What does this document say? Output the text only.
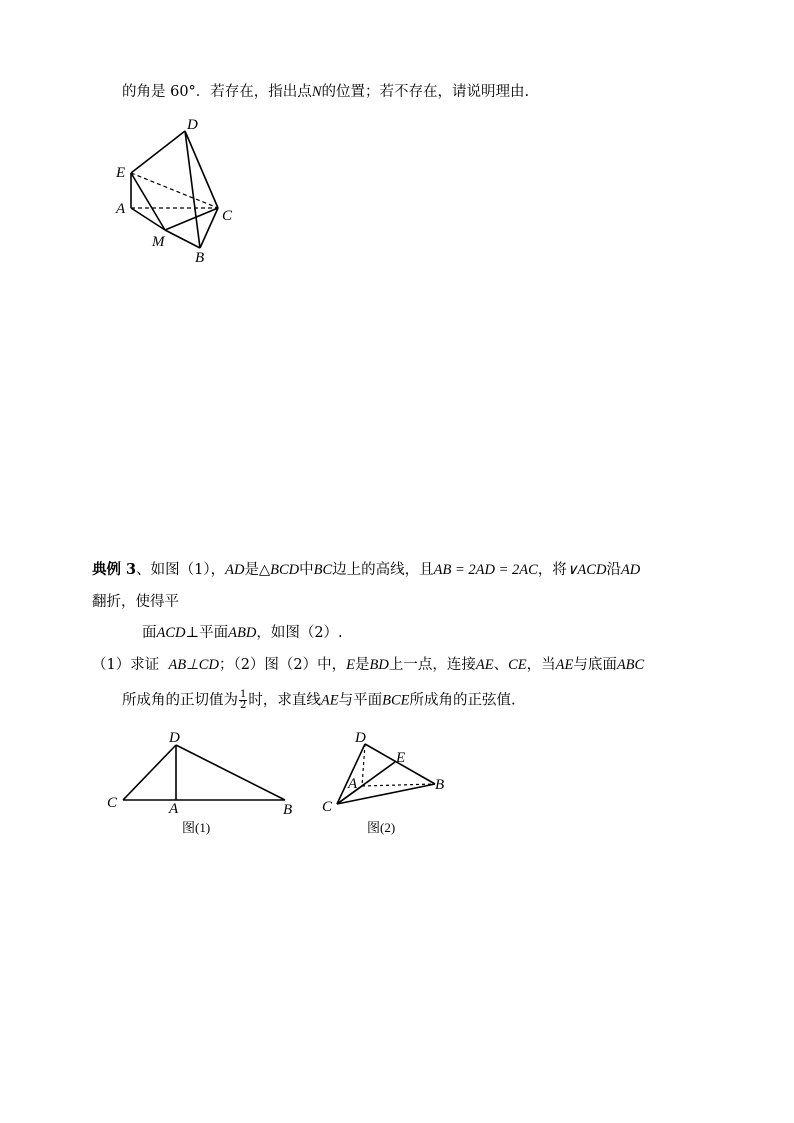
的角是 60°．若存在，指出点N的位置；若不存在，请说明理由.
D
E
A	C
M
B
典例 3、如图（1），AD是△BCD中BC边上的高线，且AB = 2AD = 2AC，将∨ACD沿AD
翻折，使得平
面ACD⊥平面ABD，如图（2）.
（1）求证 AB⊥CD；（2）图（2）中，E是BD上一点，连接AE、CE，当AE与底面ABC
所成角的正切值为 $\frac{1}{2}$ 时，求直线AE与平面BCE所成角的正弦值.
D
C	A	B
图(1)
D
E
A	B
C
图(2)
